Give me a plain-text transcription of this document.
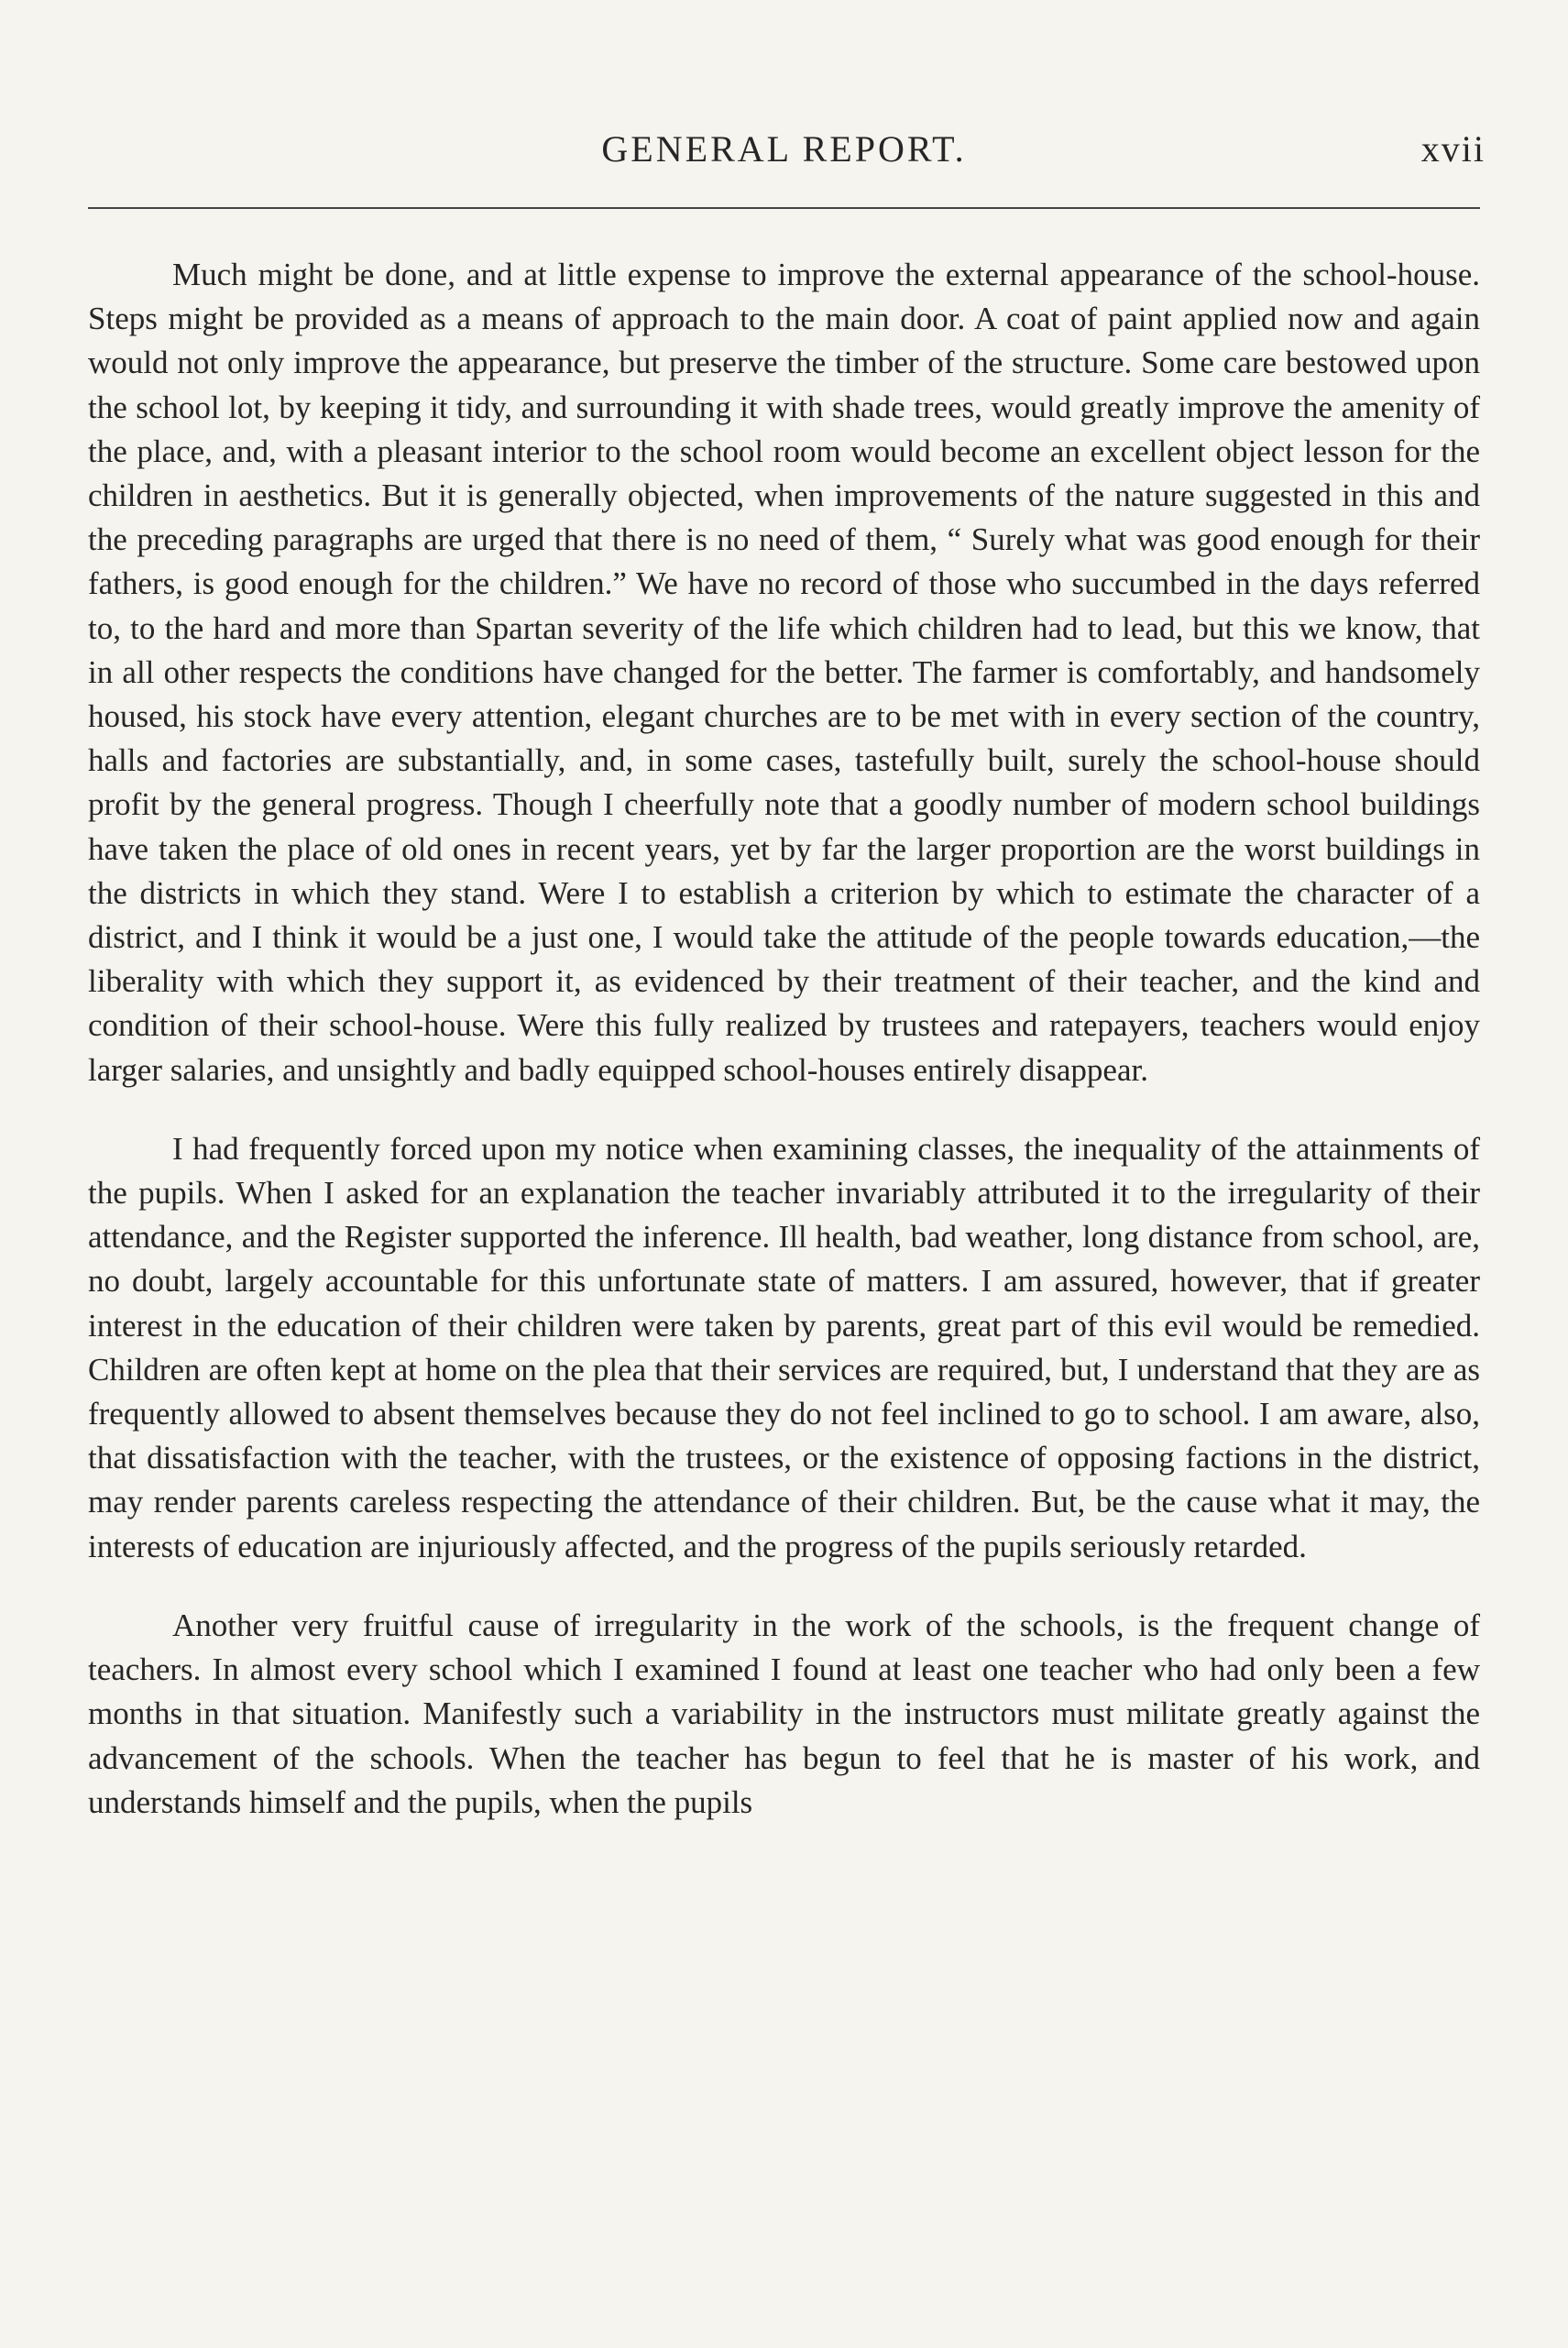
GENERAL REPORT.	xvii

Much might be done, and at little expense to improve the external appearance of the school-house. Steps might be provided as a means of approach to the main door. A coat of paint applied now and again would not only improve the appearance, but preserve the timber of the structure. Some care bestowed upon the school lot, by keeping it tidy, and surrounding it with shade trees, would greatly improve the amenity of the place, and, with a pleasant interior to the school room would become an excellent object lesson for the children in aesthetics. But it is generally objected, when improvements of the nature suggested in this and the preceding paragraphs are urged that there is no need of them, “ Surely what was good enough for their fathers, is good enough for the children.” We have no record of those who succumbed in the days referred to, to the hard and more than Spartan severity of the life which children had to lead, but this we know, that in all other respects the conditions have changed for the better. The farmer is comfortably, and handsomely housed, his stock have every attention, elegant churches are to be met with in every section of the country, halls and factories are substantially, and, in some cases, tastefully built, surely the school-house should profit by the general progress. Though I cheerfully note that a goodly number of modern school buildings have taken the place of old ones in recent years, yet by far the larger proportion are the worst buildings in the districts in which they stand. Were I to establish a criterion by which to estimate the character of a district, and I think it would be a just one, I would take the attitude of the people towards education,—the liberality with which they support it, as evidenced by their treatment of their teacher, and the kind and condition of their school-house. Were this fully realized by trustees and ratepayers, teachers would enjoy larger salaries, and unsightly and badly equipped school-houses entirely disappear.

I had frequently forced upon my notice when examining classes, the inequality of the attainments of the pupils. When I asked for an explanation the teacher invariably attributed it to the irregularity of their attendance, and the Register supported the inference. Ill health, bad weather, long distance from school, are, no doubt, largely accountable for this unfortunate state of matters. I am assured, however, that if greater interest in the education of their children were taken by parents, great part of this evil would be remedied. Children are often kept at home on the plea that their services are required, but, I understand that they are as frequently allowed to absent themselves because they do not feel inclined to go to school. I am aware, also, that dissatisfaction with the teacher, with the trustees, or the existence of opposing factions in the district, may render parents careless respecting the attendance of their children. But, be the cause what it may, the interests of education are injuriously affected, and the progress of the pupils seriously retarded.

Another very fruitful cause of irregularity in the work of the schools, is the frequent change of teachers. In almost every school which I examined I found at least one teacher who had only been a few months in that situation. Manifestly such a variability in the instructors must militate greatly against the advancement of the schools. When the teacher has begun to feel that he is master of his work, and understands himself and the pupils, when the pupils
